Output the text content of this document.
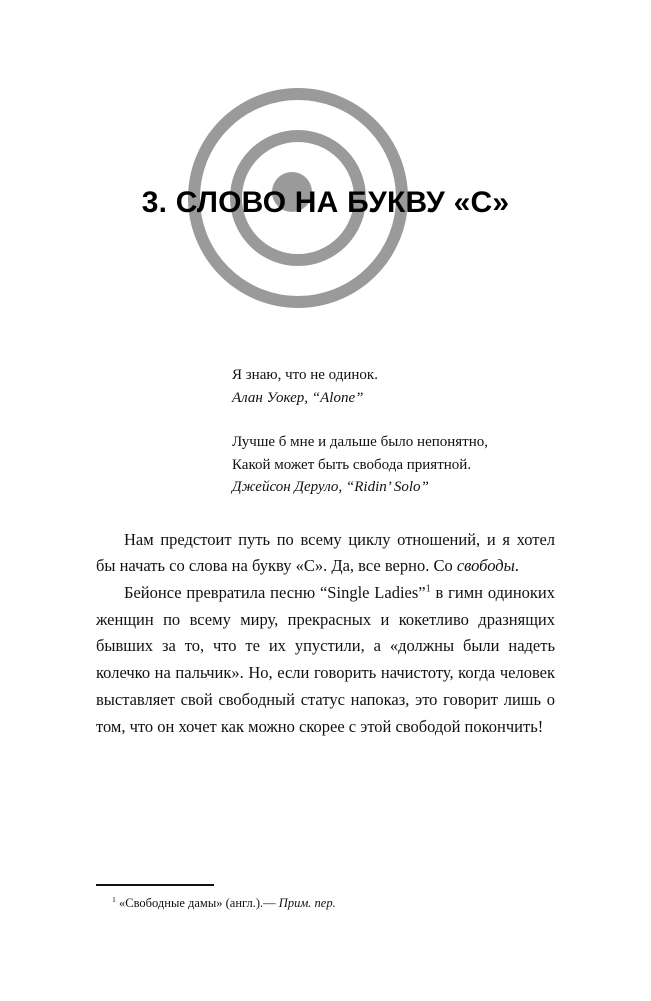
3. СЛОВО НА БУКВУ «С»
Я знаю, что не одинок.
Алан Уокер, “Alone”
Лучше б мне и дальше было непонятно,
Какой может быть свобода приятной.
Джейсон Деруло, “Ridin’ Solo”

Нам предстоит путь по всему циклу отношений, и я хотел бы начать со слова на букву «С». Да, все верно. Со свободы.

Бейонсе превратила песню “Single Ladies”$^1$ в гимн одиноких женщин по всему миру, прекрасных и кокетливо дразнящих бывших за то, что те их упустили, а «должны были надеть колечко на пальчик». Но, если говорить начистоту, когда человек выставляет свой свободный статус напоказ, это говорит лишь о том, что он хочет как можно скорее с этой свободой покончить!

$^1$ «Свободные дамы» (англ.).— Прим. пер.
